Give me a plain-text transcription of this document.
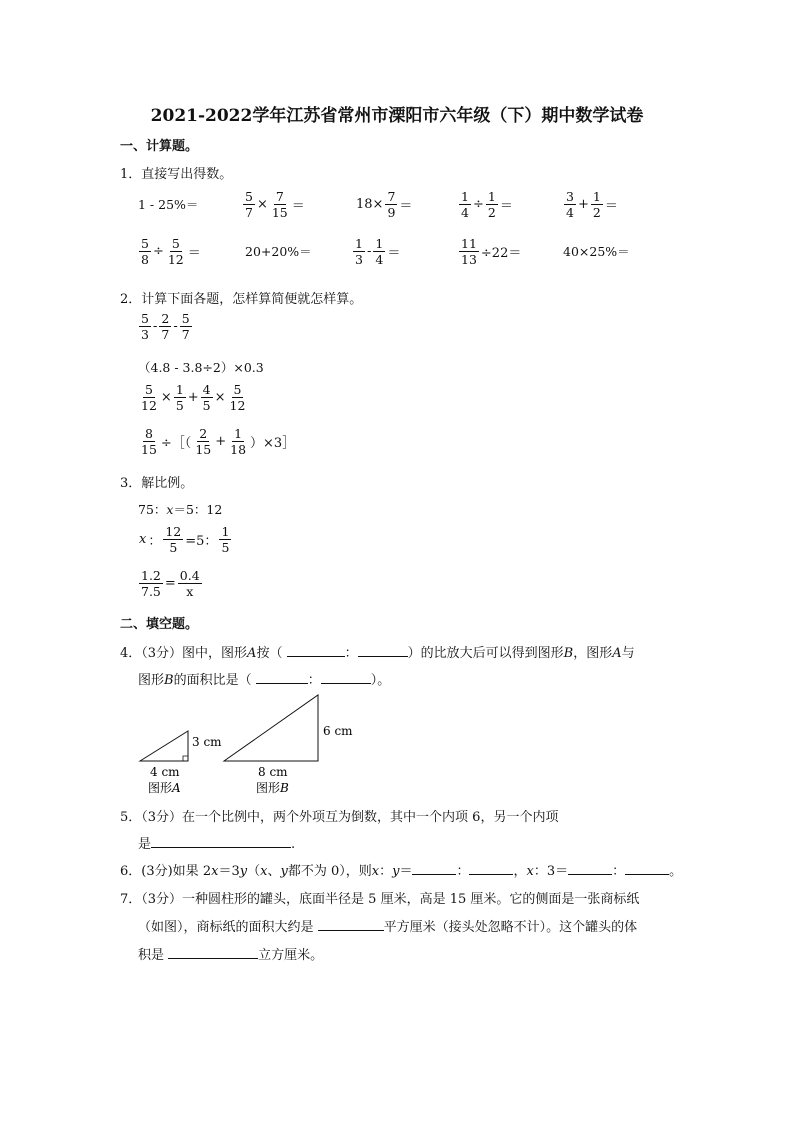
2021-2022学年江苏省常州市溧阳市六年级（下）期中数学试卷
一、计算题。
1．直接写出得数。
1 - 25%＝	$\frac{5}{7} \times \frac{7}{15}$ ＝	$18\times \frac{7}{9}$ ＝	$\frac{1}{4} \div \frac{1}{2}$ ＝	$\frac{3}{4} + \frac{1}{2}$ ＝
$\frac{5}{8} \div \frac{5}{12}$ ＝	20+20%＝	$\frac{1}{3} - \frac{1}{4}$ ＝	$\frac{11}{13} \div 22=$	40×25%＝
2．计算下面各题，怎样算简便就怎样算。
$\frac{5}{3} - \frac{2}{7} - \frac{5}{7}$
（4.8 - 3.8÷2）×0.3
$\frac{5}{12} \times \frac{1}{5} + \frac{4}{5} \times \frac{5}{12}$
$\frac{8}{15}$ ÷［（ $\frac{2}{15} + \frac{1}{18}$ ）×3］
3．解比例。
75：x＝5：12
x ： $\frac{12}{5} =5$： $\frac{1}{5}$
$\frac{1.2}{7.5} = \frac{0.4}{x}$
二、填空题。
4．（3分）图中，图形A按（	：	）的比放大后可以得到图形B，图形A与
图形B的面积比是（	：	）。
3 cm
4 cm
图形A
6 cm
8 cm
图形B
5．（3分）在一个比例中，两个外项互为倒数，其中一个内项 6，另一个内项
是	.
6．(3分)如果 2x＝3y（x、y都不为 0），则x：y＝	：	，x：3＝	：	。
7．（3分）一种圆柱形的罐头，底面半径是 5 厘米，高是 15 厘米。它的侧面是一张商标纸
（如图），商标纸的面积大约是	平方厘米（接头处忽略不计）。这个罐头的体
积是	立方厘米。
